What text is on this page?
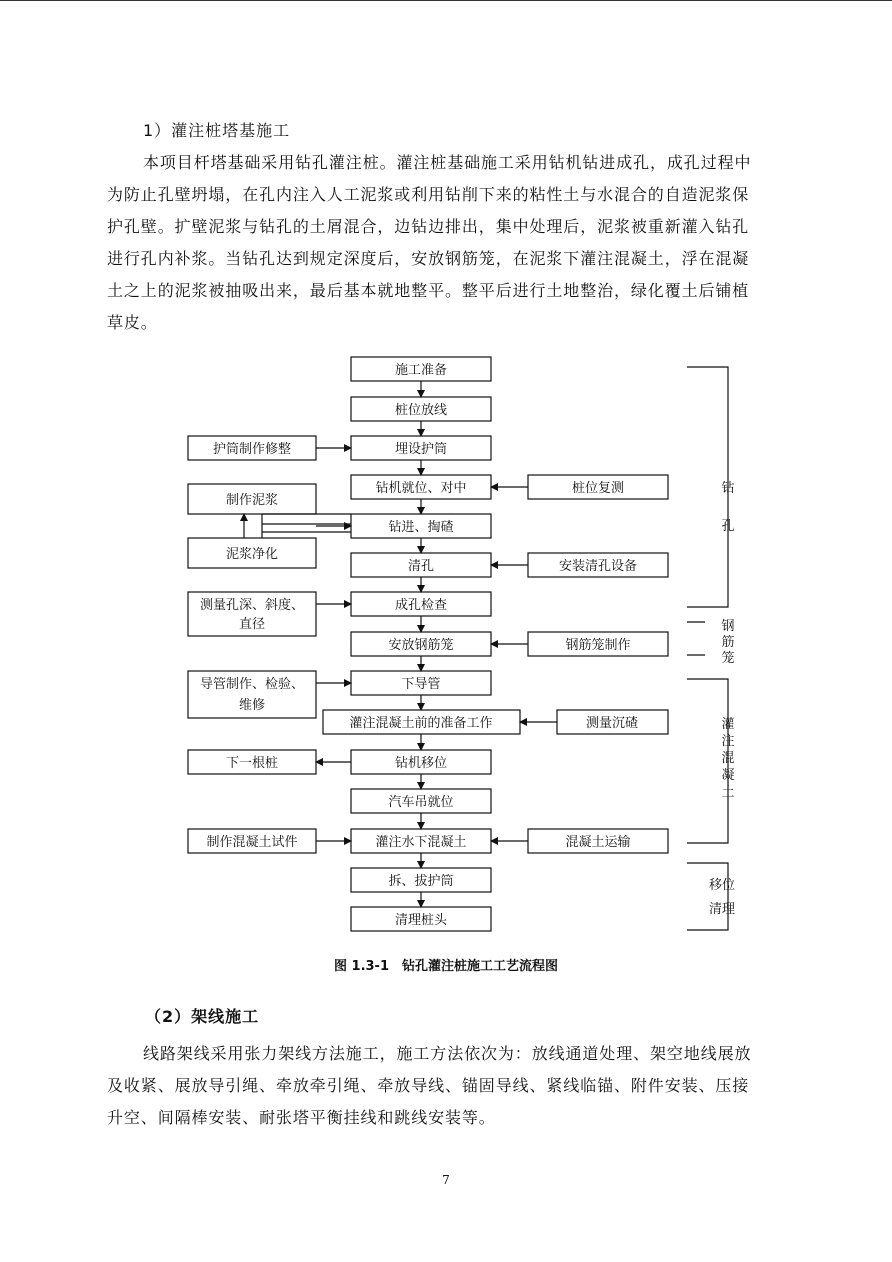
1）灌注桩塔基施工
本项目杆塔基础采用钻孔灌注桩。灌注桩基础施工采用钻机钻进成孔，成孔过程中
为防止孔壁坍塌，在孔内注入人工泥浆或利用钻削下来的粘性土与水混合的自造泥浆保
护孔壁。扩壁泥浆与钻孔的土屑混合，边钻边排出，集中处理后，泥浆被重新灌入钻孔
进行孔内补浆。当钻孔达到规定深度后，安放钢筋笼，在泥浆下灌注混凝土，浮在混凝
土之上的泥浆被抽吸出来，最后基本就地整平。整平后进行土地整治，绿化覆土后铺植
草皮。
施工准备
桩位放线
埋设护筒
钻机就位、对中
钻进、掏碴
清孔
成孔检查
安放钢筋笼
下导管
灌注混凝土前的准备工作
钻机移位
汽车吊就位
灌注水下混凝土
拆、拔护筒
清理桩头
护筒制作修整
制作泥浆
泥浆净化
测量孔深、斜度、
直径
导管制作、检验、
维修
下一根桩
制作混凝土试件
桩位复测
安装清孔设备
钢筋笼制作
测量沉碴
混凝土运输
钻
孔
钢
筋
笼
灌
注
混
凝
土
移位
清理
图 1.3-1　钻孔灌注桩施工工艺流程图
（2）架线施工
线路架线采用张力架线方法施工，施工方法依次为：放线通道处理、架空地线展放
及收紧、展放导引绳、牵放牵引绳、牵放导线、锚固导线、紧线临锚、附件安装、压接
升空、间隔棒安装、耐张塔平衡挂线和跳线安装等。
7
